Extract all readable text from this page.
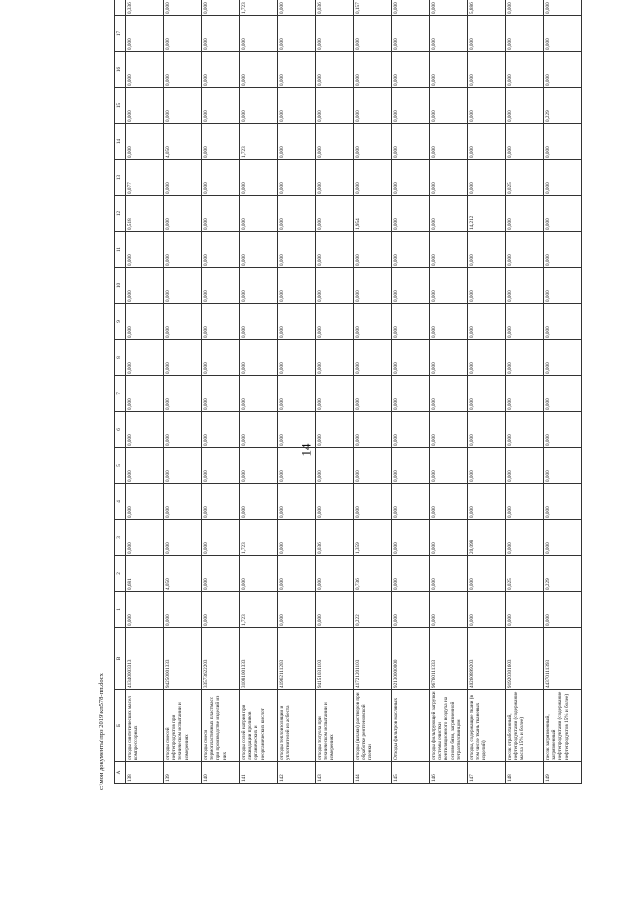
14
c:\мои документы\прз 2019\кп578-пп.docx А	Б	В	1	2	3	4	5	6	7	8	9	10	11	12	13	14	15	16	17	
138	отходы синтетических масел компрессорных	41340003313	0,000	0,681	0,000	0,000	0,000	0,000	0,000	0,000	0,000	0,000	0,000	0,518	0,077	0,000	0,000	0,000	0,000	0,336
139	отходы смесей нефтепродуктов при техническом испытании и измерениях	94250001333	0,000	4,050	0,000	0,000	0,000	0,000	0,000	0,000	0,000	0,000	0,000	0,000	0,000	4,050	0,000	0,000	0,000	0,000
140	отходы смеси термопластичных пластмасс при производстве изделий из них	33573622203	0,000	0,000	0,000	0,000	0,000	0,000	0,000	0,000	0,000	0,000	0,000	0,000	0,000	0,000	0,000	0,000	0,000	0,000
141	отходы солей натрия при ликвидации проливов органических и неорганических кислот	31081001333	1,723	0,000	1,723	0,000	0,000	0,000	0,000	0,000	0,000	0,000	0,000	0,000	0,000	1,723	0,000	0,000	0,000	1,723
142	отходы теплоизоляции и уплотнителей из асбеста	41962111203	0,000	0,000	0,000	0,000	0,000	0,000	0,000	0,000	0,000	0,000	0,000	0,000	0,000	0,000	0,000	0,000	0,000	0,000
143	отходы толуола при техническом испытании и измерениях	94151031103	0,000	0,000	0,036	0,000	0,000	0,000	0,000	0,000	0,000	0,000	0,000	0,000	0,000	0,000	0,000	0,000	0,000	0,036
144	отходы (шлаки) растворов при обработке рентгеновской пленки	41721201103	0,222	0,736	1,359	0,000	0,000	0,000	0,000	0,000	0,000	0,000	0,000	1,954	0,000	0,000	0,000	0,000	0,000	0,157
145	Отходы фильтров масляных	92130000000	0,000	0,000	0,000	0,000	0,000	0,000	0,000	0,000	0,000	0,000	0,000	0,000	0,000	0,000	0,000	0,000	0,000	0,000
146	отходы фильтрующей загрузки системы очистки вентиляционного воздуха на основе бязи, загрязненной тетраэтилсвинцом	96760111333	0,000	0,000	0,000	0,000	0,000	0,000	0,000	0,000	0,000	0,000	0,000	0,000	0,000	0,000	0,000	0,000	0,000	0,000
147	отходы, содержащие ткани (в том числе ткань тканевых изделий)	40260899203	0,000	0,000	20,098	0,000	0,000	0,000	0,000	0,000	0,000	0,000	0,000	14,212	0,000	0,000	0,000	0,000	0,000	5,886
148	песок отработанный, нефтепродуктами (содержание масла 15% и более)	91920301603	0,000	0,025	0,000	0,000	0,000	0,000	0,000	0,000	0,000	0,000	0,000	0,000	0,025	0,000	0,000	0,000	0,000	0,000
149	песок загрязненный, загрязненный нефтепродуктами (содержание нефтепродуктов 15% и более)	44370111393	0,000	0,229	0,000	0,000	0,000	0,000	0,000	0,000	0,000	0,000	0,000	0,000	0,000	0,000	0,229	0,000	0,000	0,000
